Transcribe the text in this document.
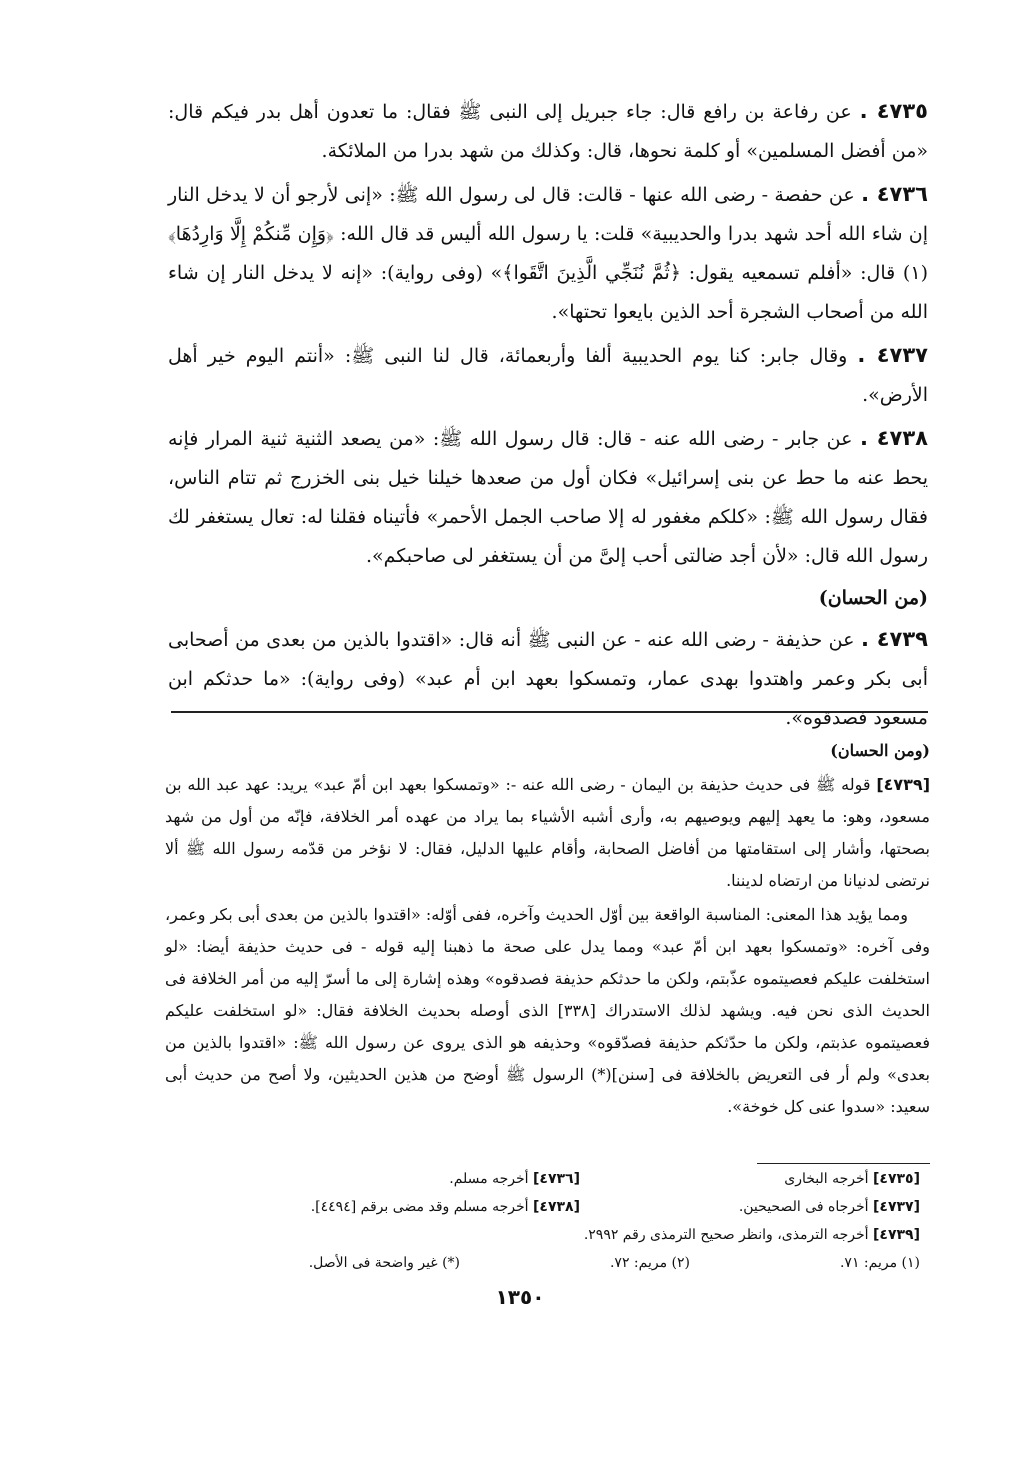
٤٧٣٥ . عن رفاعة بن رافع قال: جاء جبريل إلى النبى ﷺ فقال: ما تعدون أهل بدر فيكم قال: «من أفضل المسلمين» أو كلمة نحوها، قال: وكذلك من شهد بدرا من الملائكة.

٤٧٣٦ . عن حفصة - رضى الله عنها - قالت: قال لى رسول الله ﷺ: «إنى لأرجو أن لا يدخل النار إن شاء الله أحد شهد بدرا والحديبية» قلت: يا رسول الله أليس قد قال الله: ﴿وَإِن مِّنكُمْ إِلَّا وَارِدُهَا﴾(١) قال: «أفلم تسمعيه يقول: ﴿ثُمَّ نُنَجِّي الَّذِينَ اتَّقَوا﴾» (وفى رواية): «إنه لا يدخل النار إن شاء الله من أصحاب الشجرة أحد الذين بايعوا تحتها».

٤٧٣٧ . وقال جابر: كنا يوم الحديبية ألفا وأربعمائة، قال لنا النبى ﷺ: «أنتم اليوم خير أهل الأرض».

٤٧٣٨ . عن جابر - رضى الله عنه - قال: قال رسول الله ﷺ: «من يصعد الثنية ثنية المرار فإنه يحط عنه ما حط عن بنى إسرائيل» فكان أول من صعدها خيلنا خيل بنى الخزرج ثم تتام الناس، فقال رسول الله ﷺ: «كلكم مغفور له إلا صاحب الجمل الأحمر» فأتيناه فقلنا له: تعال يستغفر لك رسول الله قال: «لأن أجد ضالتى أحب إلىَّ من أن يستغفر لى صاحبكم».

(من الحسان)

٤٧٣٩ . عن حذيفة - رضى الله عنه - عن النبى ﷺ أنه قال: «اقتدوا بالذين من بعدى من أصحابى أبى بكر وعمر واهتدوا بهدى عمار، وتمسكوا بعهد ابن أم عبد» (وفى رواية): «ما حدثكم ابن مسعود فصدقوه».

(ومن الحسان)

[٤٧٣٩] قوله ﷺ فى حديث حذيفة بن اليمان - رضى الله عنه -: «وتمسكوا بعهد ابن أمّ عبد» يريد: عهد عبد الله بن مسعود، وهو: ما يعهد إليهم ويوصيهم به، وأرى أشبه الأشياء بما يراد من عهده أمر الخلافة، فإنّه من أول من شهد بصحتها، وأشار إلى استقامتها من أفاضل الصحابة، وأقام عليها الدليل، فقال: لا نؤخر من قدّمه رسول الله ﷺ ألا نرتضى لدنيانا من ارتضاه لديننا.

ومما يؤيد هذا المعنى: المناسبة الواقعة بين أوّل الحديث وآخره، ففى أوّله: «اقتدوا بالذين من بعدى أبى بكر وعمر، وفى آخره: «وتمسكوا بعهد ابن أمّ عبد» ومما يدل على صحة ما ذهبنا إليه قوله - فى حديث حذيفة أيضا: «لو استخلفت عليكم فعصيتموه عذّبتم، ولكن ما حدثكم حذيفة فصدقوه» وهذه إشارة إلى ما أسرّ إليه من أمر الخلافة فى الحديث الذى نحن فيه. ويشهد لذلك الاستدراك [٣٣٨] الذى أوصله بحديث الخلافة فقال: «لو استخلفت عليكم فعصيتموه عذبتم، ولكن ما حدّثكم حذيفة فصدّقوه» وحذيفه هو الذى يروى عن رسول الله ﷺ: «اقتدوا بالذين من بعدى» ولم أر فى التعريض بالخلافة فى [سنن](*) الرسول ﷺ أوضح من هذين الحديثين، ولا أصح من حديث أبى سعيد: «سدوا عنى كل خوخة».

[٤٧٣٥] أخرجه البخارى
[٤٧٣٦] أخرجه مسلم.
[٤٧٣٧] أخرجاه فى الصحيحين.
[٤٧٣٨] أخرجه مسلم وقد مضى برقم [٤٤٩٤].
[٤٧٣٩] أخرجه الترمذى، وانظر صحيح الترمذى رقم ٢٩٩٢.
(١) مريم: ٧١.
(٢) مريم: ٧٢.
(*) غير واضحة فى الأصل.
١٣٥٠
